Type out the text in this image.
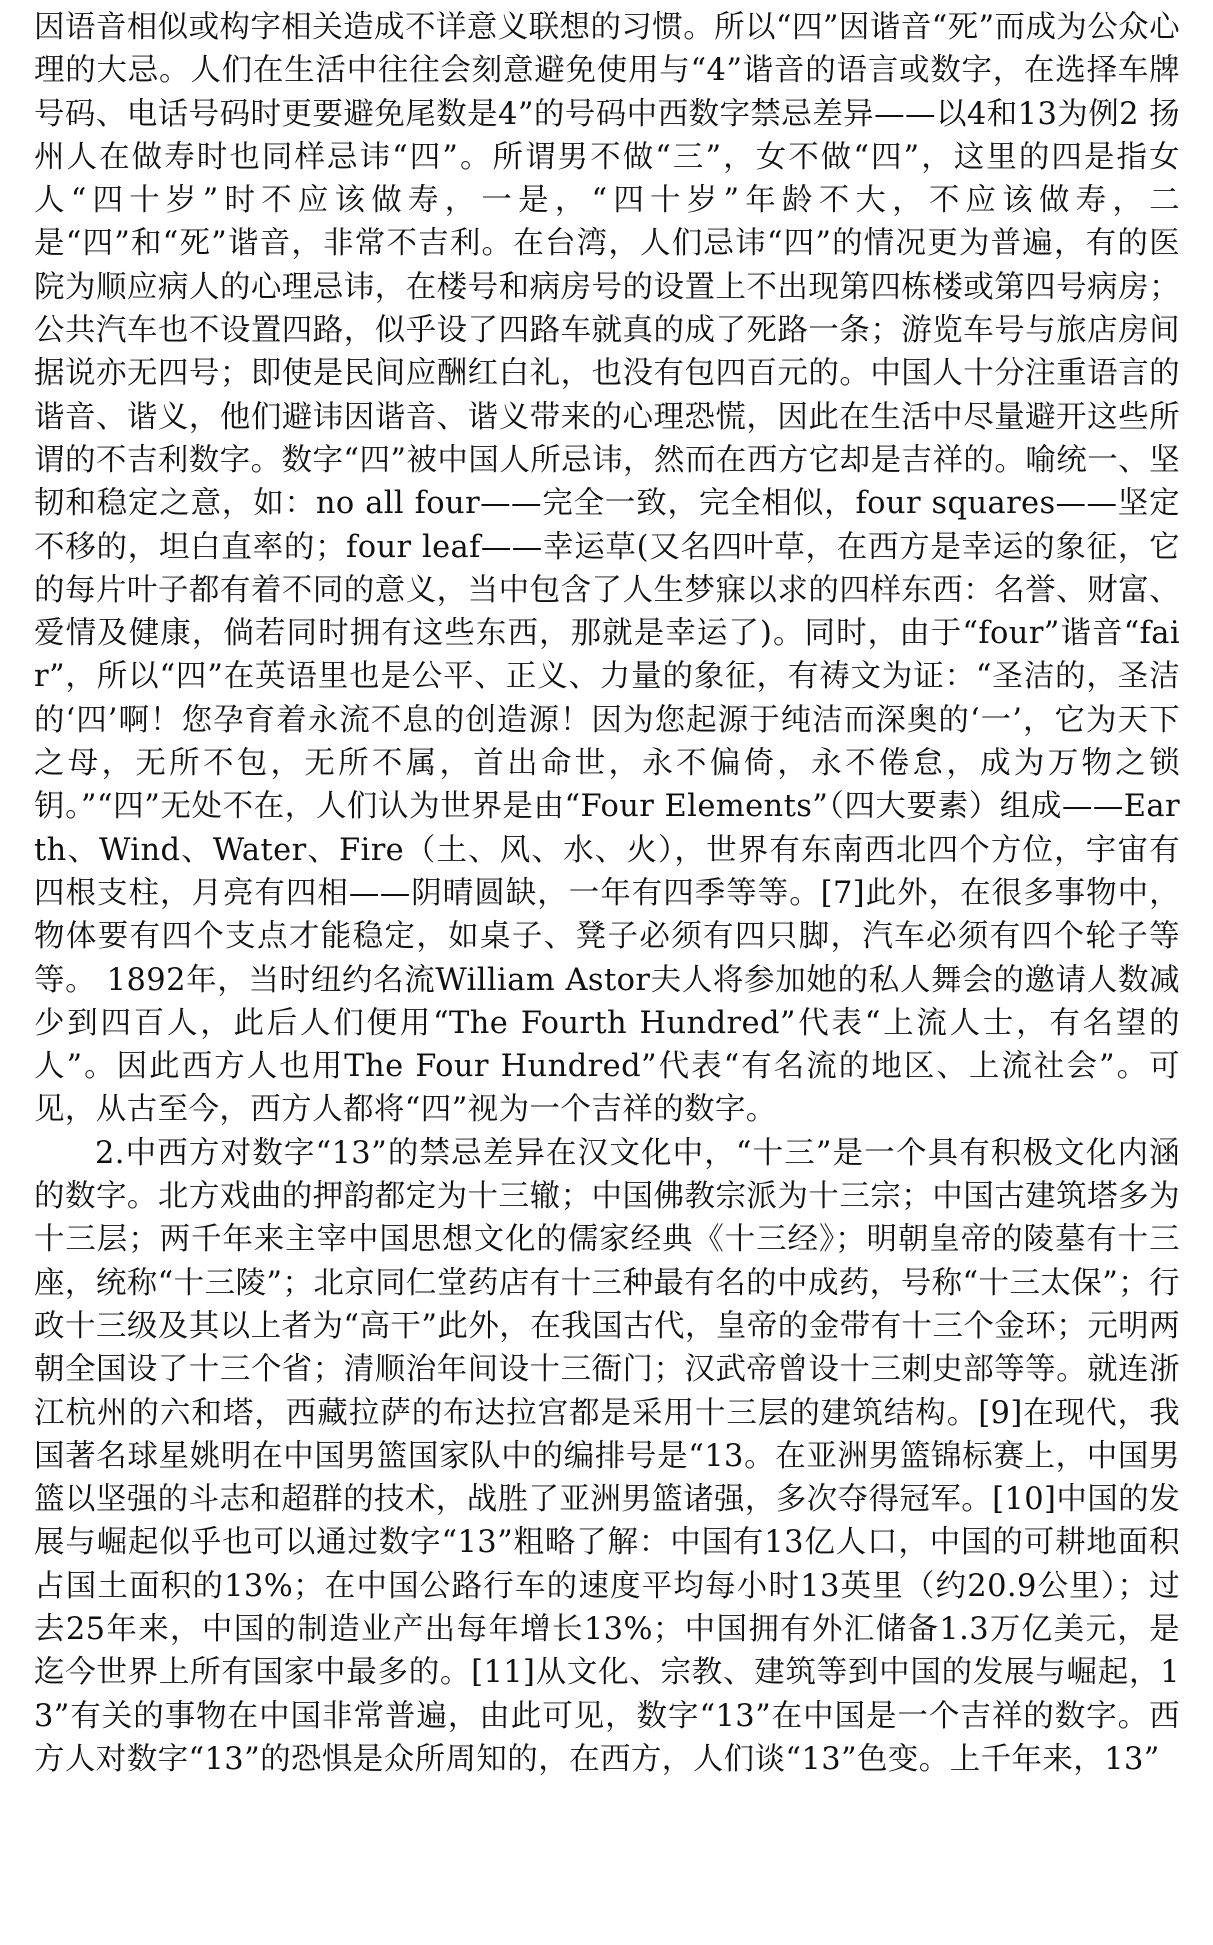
因语音相似或构字相关造成不详意义联想的习惯。所以“四”因谐音“死”而成为公众心理的大忌。人们在生活中往往会刻意避免使用与“4”谐音的语言或数字，在选择车牌号码、电话号码时更要避免尾数是4”的号码中西数字禁忌差异——以4和13为例2 扬州人在做寿时也同样忌讳“四”。所谓男不做“三”，女不做“四”，这里的四是指女人“四十岁”时不应该做寿，一是，“四十岁”年龄不大，不应该做寿，二是“四”和“死”谐音，非常不吉利。在台湾，人们忌讳“四”的情况更为普遍，有的医院为顺应病人的心理忌讳，在楼号和病房号的设置上不出现第四栋楼或第四号病房；公共汽车也不设置四路，似乎设了四路车就真的成了死路一条；游览车号与旅店房间据说亦无四号；即使是民间应酬红白礼，也没有包四百元的。中国人十分注重语言的谐音、谐义，他们避讳因谐音、谐义带来的心理恐慌，因此在生活中尽量避开这些所谓的不吉利数字。数字“四”被中国人所忌讳，然而在西方它却是吉祥的。喻统一、坚韧和稳定之意，如：no all four——完全一致，完全相似，four squares——坚定不移的，坦白直率的；four leaf——幸运草(又名四叶草，在西方是幸运的象征，它的每片叶子都有着不同的意义，当中包含了人生梦寐以求的四样东西：名誉、财富、爱情及健康，倘若同时拥有这些东西，那就是幸运了)。同时，由于“four”谐音“fair”，所以“四”在英语里也是公平、正义、力量的象征，有祷文为证：“圣洁的，圣洁的‘四’啊！您孕育着永流不息的创造源！因为您起源于纯洁而深奥的‘一’，它为天下之母，无所不包，无所不属，首出命世，永不偏倚，永不倦怠，成为万物之锁钥。”“四”无处不在，人们认为世界是由“Four Elements”（四大要素）组成——Earth、Wind、Water、Fire（土、风、水、火），世界有东南西北四个方位，宇宙有四根支柱，月亮有四相——阴晴圆缺，一年有四季等等。[7]此外，在很多事物中，物体要有四个支点才能稳定，如桌子、凳子必须有四只脚，汽车必须有四个轮子等等。 1892年，当时纽约名流William Astor夫人将参加她的私人舞会的邀请人数减少到四百人，此后人们便用“The Fourth Hundred”代表“上流人士，有名望的人”。因此西方人也用The Four Hundred”代表“有名流的地区、上流社会”。可见，从古至今，西方人都将“四”视为一个吉祥的数字。

2.中西方对数字“13”的禁忌差异在汉文化中，“十三”是一个具有积极文化内涵的数字。北方戏曲的押韵都定为十三辙；中国佛教宗派为十三宗；中国古建筑塔多为十三层；两千年来主宰中国思想文化的儒家经典《十三经》；明朝皇帝的陵墓有十三座，统称“十三陵”；北京同仁堂药店有十三种最有名的中成药，号称“十三太保”；行政十三级及其以上者为“高干”此外，在我国古代，皇帝的金带有十三个金环；元明两朝全国设了十三个省；清顺治年间设十三衙门；汉武帝曾设十三刺史部等等。就连浙江杭州的六和塔，西藏拉萨的布达拉宫都是采用十三层的建筑结构。[9]在现代，我国著名球星姚明在中国男篮国家队中的编排号是“13。在亚洲男篮锦标赛上，中国男篮以坚强的斗志和超群的技术，战胜了亚洲男篮诸强，多次夺得冠军。[10]中国的发展与崛起似乎也可以通过数字“13”粗略了解：中国有13亿人口，中国的可耕地面积占国土面积的13%；在中国公路行车的速度平均每小时13英里（约20.9公里）；过去25年来，中国的制造业产出每年增长13%；中国拥有外汇储备1.3万亿美元，是迄今世界上所有国家中最多的。[11]从文化、宗教、建筑等到中国的发展与崛起，13”有关的事物在中国非常普遍，由此可见，数字“13”在中国是一个吉祥的数字。西方人对数字“13”的恐惧是众所周知的，在西方，人们谈“13”色变。上千年来，13”
